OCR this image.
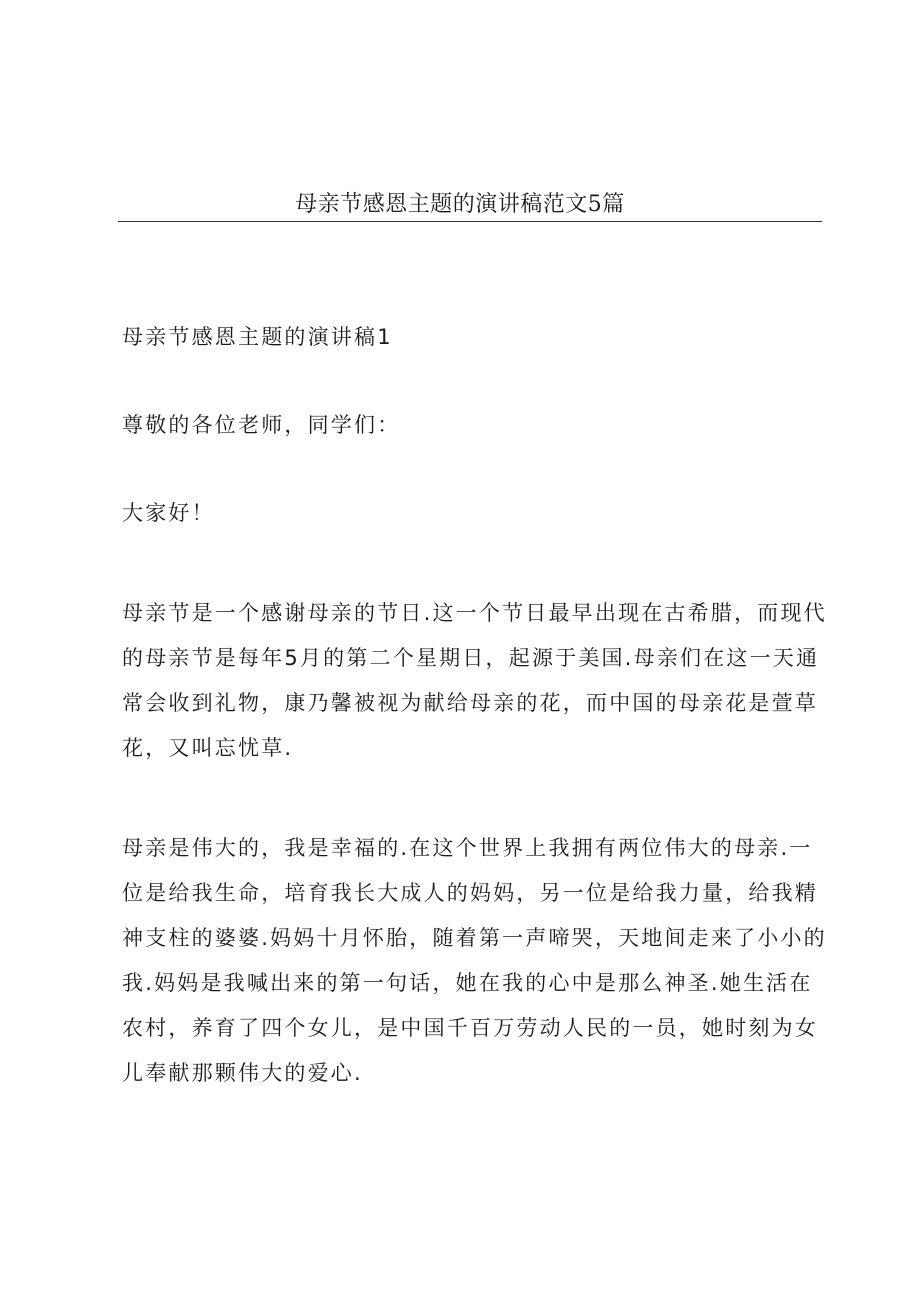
母亲节感恩主题的演讲稿范文5篇

母亲节感恩主题的演讲稿1

尊敬的各位老师，同学们：

大家好！

母亲节是一个感谢母亲的节日.这一个节日最早出现在古希腊，而现代的母亲节是每年5月的第二个星期日，起源于美国.母亲们在这一天通常会收到礼物，康乃馨被视为献给母亲的花，而中国的母亲花是萱草花，又叫忘忧草.

母亲是伟大的，我是幸福的.在这个世界上我拥有两位伟大的母亲.一位是给我生命，培育我长大成人的妈妈，另一位是给我力量，给我精神支柱的婆婆.妈妈十月怀胎，随着第一声啼哭，天地间走来了小小的我.妈妈是我喊出来的第一句话，她在我的心中是那么神圣.她生活在农村，养育了四个女儿，是中国千百万劳动人民的一员，她时刻为女儿奉献那颗伟大的爱心.
